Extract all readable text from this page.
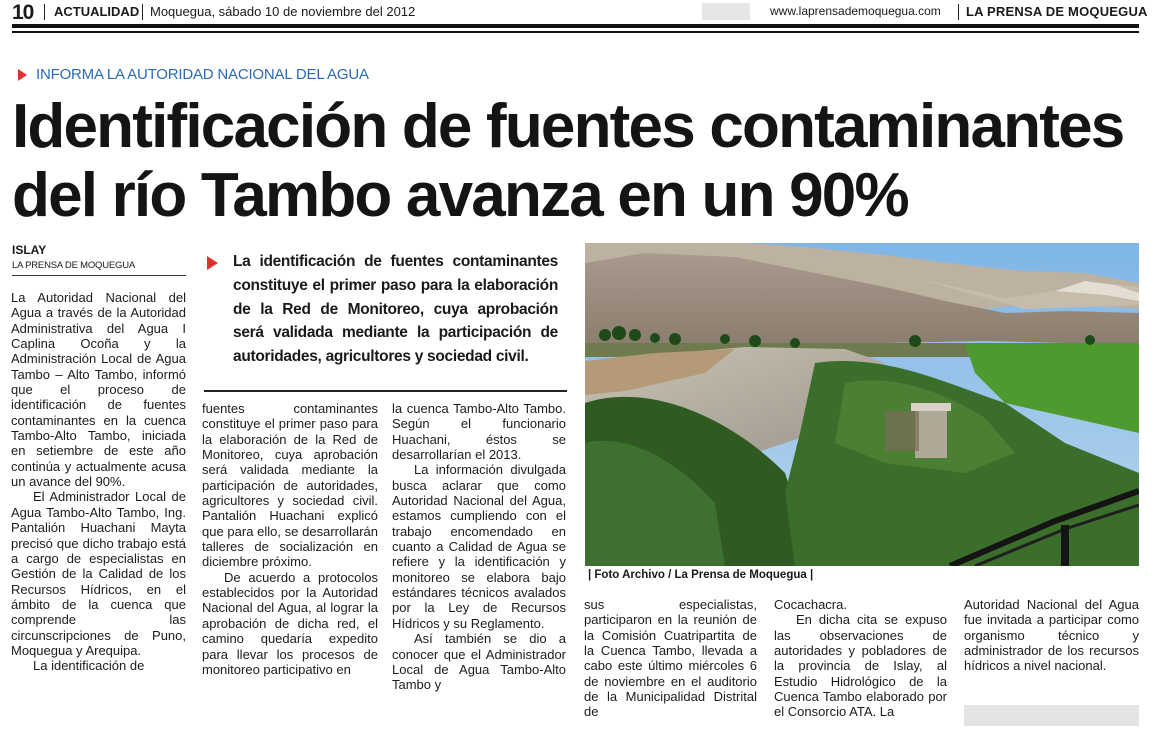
10 ACTUALIDAD Moquegua, sábado 10 de noviembre del 2012	www.laprensademoquegua.com LA PRENSA DE MOQUEGUA
INFORMA LA AUTORIDAD NACIONAL DEL AGUA
Identificación de fuentes contaminantes
del río Tambo avanza en un 90%
ISLAY
LA PRENSA DE MOQUEGUA

La Autoridad Nacional del Agua a través de la Autoridad Administrativa del Agua I Caplina Ocoña y la Administración Local de Agua Tambo – Alto Tambo, informó que el proceso de identificación de fuentes contaminantes en la cuenca Tambo-Alto Tambo, iniciada en setiembre de este año continúa y actualmente acusa un avance del 90%.

El Administrador Local de Agua Tambo-Alto Tambo, Ing. Pantalión Huachani Mayta precisó que dicho trabajo está a cargo de especialistas en Gestión de la Calidad de los Recursos Hídricos, en el ámbito de la cuenca que comprende las circunscripciones de Puno, Moquegua y Arequipa.

La identificación de

La identificación de fuentes contaminantes constituye el primer paso para la elaboración de la Red de Monitoreo, cuya aprobación será validada mediante la participación de autoridades, agricultores y sociedad civil.

fuentes contaminantes constituye el primer paso para la elaboración de la Red de Monitoreo, cuya aprobación será validada mediante la participación de autoridades, agricultores y sociedad civil. Pantalión Huachani explicó que para ello, se desarrollarán talleres de socialización en diciembre próximo.

De acuerdo a protocolos establecidos por la Autoridad Nacional del Agua, al lograr la aprobación de dicha red, el camino quedaría expedito para llevar los procesos de monitoreo participativo en

la cuenca Tambo-Alto Tambo. Según el funcionario Huachani, éstos se desarrollarían el 2013.

La información divulgada busca aclarar que como Autoridad Nacional del Agua, estamos cumpliendo con el trabajo encomendado en cuanto a Calidad de Agua se refiere y la identificación y monitoreo se elabora bajo estándares técnicos avalados por la Ley de Recursos Hídricos y su Reglamento.

Así también se dio a conocer que el Administrador Local de Agua Tambo-Alto Tambo y

| Foto Archivo / La Prensa de Moquegua |

sus especialistas, participaron en la reunión de la Comisión Cuatripartita de la Cuenca Tambo, llevada a cabo este último miércoles 6 de noviembre en el auditorio de la Municipalidad Distrital de

Cocachacra.

En dicha cita se expuso las observaciones de autoridades y pobladores de la provincia de Islay, al Estudio Hidrológico de la Cuenca Tambo elaborado por el Consorcio ATA. La

Autoridad Nacional del Agua fue invitada a participar como organismo técnico y administrador de los recursos hídricos a nivel nacional.
